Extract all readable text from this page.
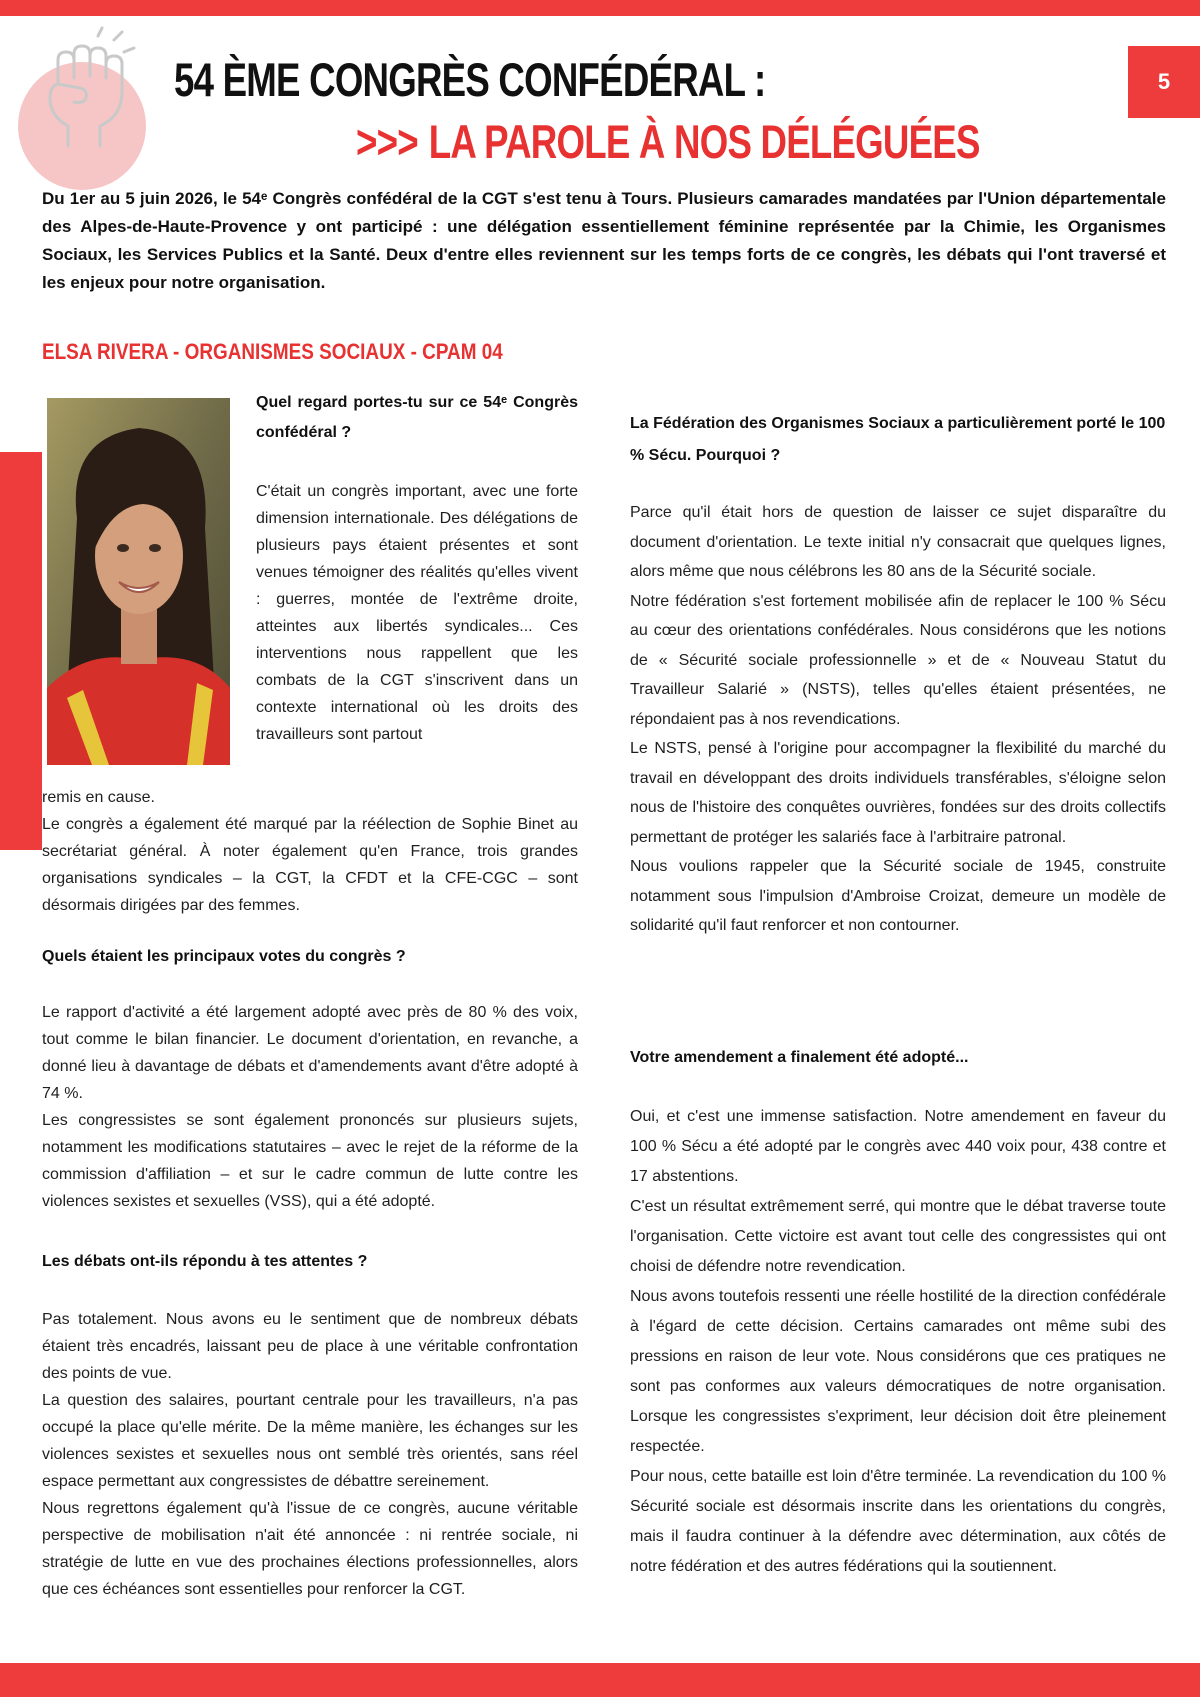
5
54 ÈME CONGRÈS CONFÉDÉRAL :
>>> LA PAROLE À NOS DÉLÉGUÉES

Du 1er au 5 juin 2026, le 54ᵉ Congrès confédéral de la CGT s'est tenu à Tours. Plusieurs camarades mandatées par l'Union départementale des Alpes-de-Haute-Provence y ont participé : une délégation essentiellement féminine représentée par la Chimie, les Organismes Sociaux, les Services Publics et la Santé. Deux d'entre elles reviennent sur les temps forts de ce congrès, les débats qui l'ont traversé et les enjeux pour notre organisation.

ELSA RIVERA - ORGANISMES SOCIAUX - CPAM 04
Quel regard portes-tu sur ce 54ᵉ Congrès confédéral ?

C'était un congrès important, avec une forte dimension internationale. Des délégations de plusieurs pays étaient présentes et sont venues témoigner des réalités qu'elles vivent : guerres, montée de l'extrême droite, atteintes aux libertés syndicales... Ces interventions nous rappellent que les combats de la CGT s'inscrivent dans un contexte international où les droits des travailleurs sont partout

remis en cause.

Le congrès a également été marqué par la réélection de Sophie Binet au secrétariat général. À noter également qu'en France, trois grandes organisations syndicales – la CGT, la CFDT et la CFE-CGC – sont désormais dirigées par des femmes.

Quels étaient les principaux votes du congrès ?

Le rapport d'activité a été largement adopté avec près de 80 % des voix, tout comme le bilan financier. Le document d'orientation, en revanche, a donné lieu à davantage de débats et d'amendements avant d'être adopté à 74 %.

Les congressistes se sont également prononcés sur plusieurs sujets, notamment les modifications statutaires – avec le rejet de la réforme de la commission d'affiliation – et sur le cadre commun de lutte contre les violences sexistes et sexuelles (VSS), qui a été adopté.

Les débats ont-ils répondu à tes attentes ?

Pas totalement. Nous avons eu le sentiment que de nombreux débats étaient très encadrés, laissant peu de place à une véritable confrontation des points de vue.

La question des salaires, pourtant centrale pour les travailleurs, n'a pas occupé la place qu'elle mérite. De la même manière, les échanges sur les violences sexistes et sexuelles nous ont semblé très orientés, sans réel espace permettant aux congressistes de débattre sereinement.

Nous regrettons également qu'à l'issue de ce congrès, aucune véritable perspective de mobilisation n'ait été annoncée : ni rentrée sociale, ni stratégie de lutte en vue des prochaines élections professionnelles, alors que ces échéances sont essentielles pour renforcer la CGT.

La Fédération des Organismes Sociaux a particulièrement porté le 100 % Sécu. Pourquoi ?

Parce qu'il était hors de question de laisser ce sujet disparaître du document d'orientation. Le texte initial n'y consacrait que quelques lignes, alors même que nous célébrons les 80 ans de la Sécurité sociale.

Notre fédération s'est fortement mobilisée afin de replacer le 100 % Sécu au cœur des orientations confédérales. Nous considérons que les notions de « Sécurité sociale professionnelle » et de « Nouveau Statut du Travailleur Salarié » (NSTS), telles qu'elles étaient présentées, ne répondaient pas à nos revendications.

Le NSTS, pensé à l'origine pour accompagner la flexibilité du marché du travail en développant des droits individuels transférables, s'éloigne selon nous de l'histoire des conquêtes ouvrières, fondées sur des droits collectifs permettant de protéger les salariés face à l'arbitraire patronal.

Nous voulions rappeler que la Sécurité sociale de 1945, construite notamment sous l'impulsion d'Ambroise Croizat, demeure un modèle de solidarité qu'il faut renforcer et non contourner.

Votre amendement a finalement été adopté...

Oui, et c'est une immense satisfaction. Notre amendement en faveur du 100 % Sécu a été adopté par le congrès avec 440 voix pour, 438 contre et 17 abstentions.

C'est un résultat extrêmement serré, qui montre que le débat traverse toute l'organisation. Cette victoire est avant tout celle des congressistes qui ont choisi de défendre notre revendication.

Nous avons toutefois ressenti une réelle hostilité de la direction confédérale à l'égard de cette décision. Certains camarades ont même subi des pressions en raison de leur vote. Nous considérons que ces pratiques ne sont pas conformes aux valeurs démocratiques de notre organisation. Lorsque les congressistes s'expriment, leur décision doit être pleinement respectée.

Pour nous, cette bataille est loin d'être terminée. La revendication du 100 % Sécurité sociale est désormais inscrite dans les orientations du congrès, mais il faudra continuer à la défendre avec détermination, aux côtés de notre fédération et des autres fédérations qui la soutiennent.
